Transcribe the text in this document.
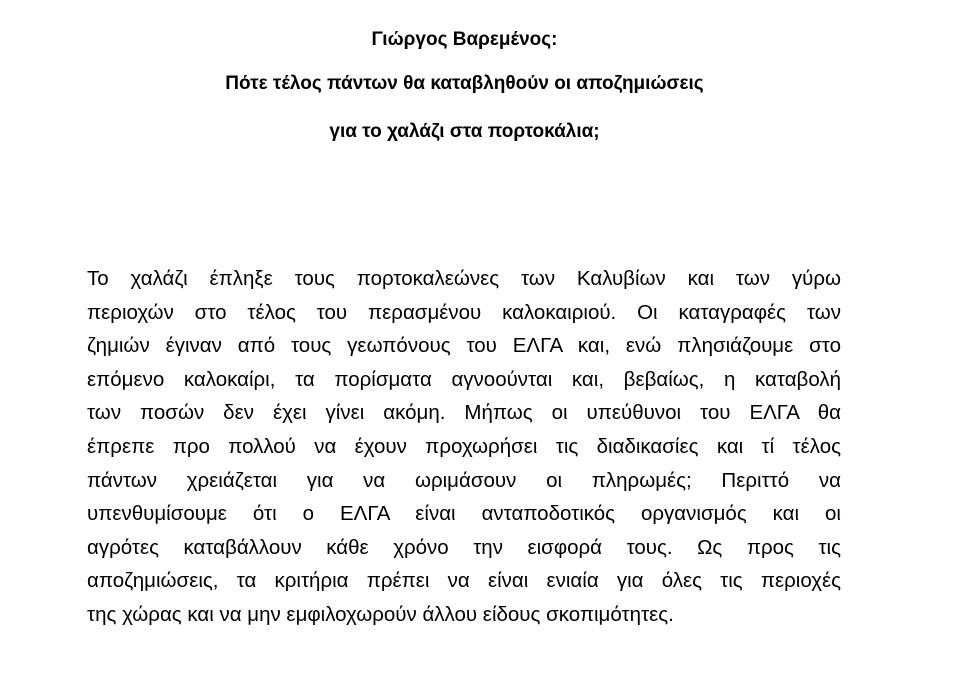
Γιώργος Βαρεμένος:
Πότε τέλος πάντων θα καταβληθούν οι αποζημιώσεις
για το χαλάζι στα πορτοκάλια;
Το χαλάζι έπληξε τους πορτοκαλεώνες των Καλυβίων και των γύρω
περιοχών στο τέλος του περασμένου καλοκαιριού. Οι καταγραφές των
ζημιών έγιναν από τους γεωπόνους του ΕΛΓΑ και, ενώ πλησιάζουμε στο
επόμενο καλοκαίρι, τα πορίσματα αγνοούνται και, βεβαίως, η καταβολή
των ποσών δεν έχει γίνει ακόμη. Μήπως οι υπεύθυνοι του ΕΛΓΑ θα
έπρεπε προ πολλού να έχουν προχωρήσει τις διαδικασίες και τί τέλος
πάντων χρειάζεται για να ωριμάσουν οι πληρωμές; Περιττό να
υπενθυμίσουμε ότι ο ΕΛΓΑ είναι ανταποδοτικός οργανισμός και οι
αγρότες καταβάλλουν κάθε χρόνο την εισφορά τους. Ως προς τις
αποζημιώσεις, τα κριτήρια πρέπει να είναι ενιαία για όλες τις περιοχές
της χώρας και να μην εμφιλοχωρούν άλλου είδους σκοπιμότητες.
